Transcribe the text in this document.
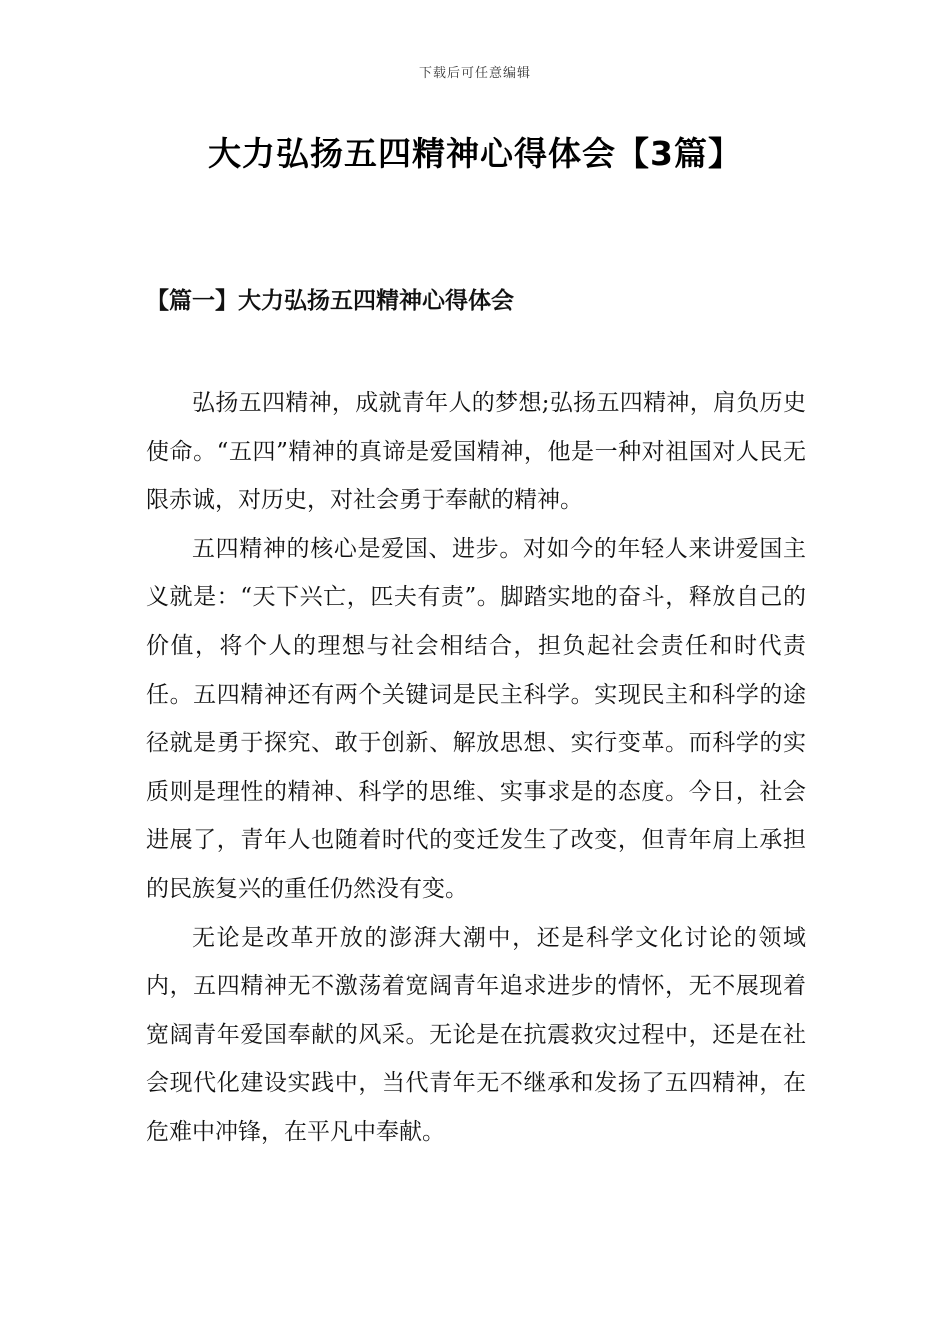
下载后可任意编辑
大力弘扬五四精神心得体会【3篇】
【篇一】大力弘扬五四精神心得体会

弘扬五四精神，成就青年人的梦想;弘扬五四精神，肩负历史使命。“五四”精神的真谛是爱国精神，他是一种对祖国对人民无限赤诚，对历史，对社会勇于奉献的精神。

五四精神的核心是爱国、进步。对如今的年轻人来讲爱国主义就是：“天下兴亡，匹夫有责”。脚踏实地的奋斗，释放自己的价值，将个人的理想与社会相结合，担负起社会责任和时代责任。五四精神还有两个关键词是民主科学。实现民主和科学的途径就是勇于探究、敢于创新、解放思想、实行变革。而科学的实质则是理性的精神、科学的思维、实事求是的态度。今日，社会进展了，青年人也随着时代的变迁发生了改变，但青年肩上承担的民族复兴的重任仍然没有变。

无论是改革开放的澎湃大潮中，还是科学文化讨论的领域内，五四精神无不激荡着宽阔青年追求进步的情怀，无不展现着宽阔青年爱国奉献的风采。无论是在抗震救灾过程中，还是在社会现代化建设实践中，当代青年无不继承和发扬了五四精神，在危难中冲锋，在平凡中奉献。
